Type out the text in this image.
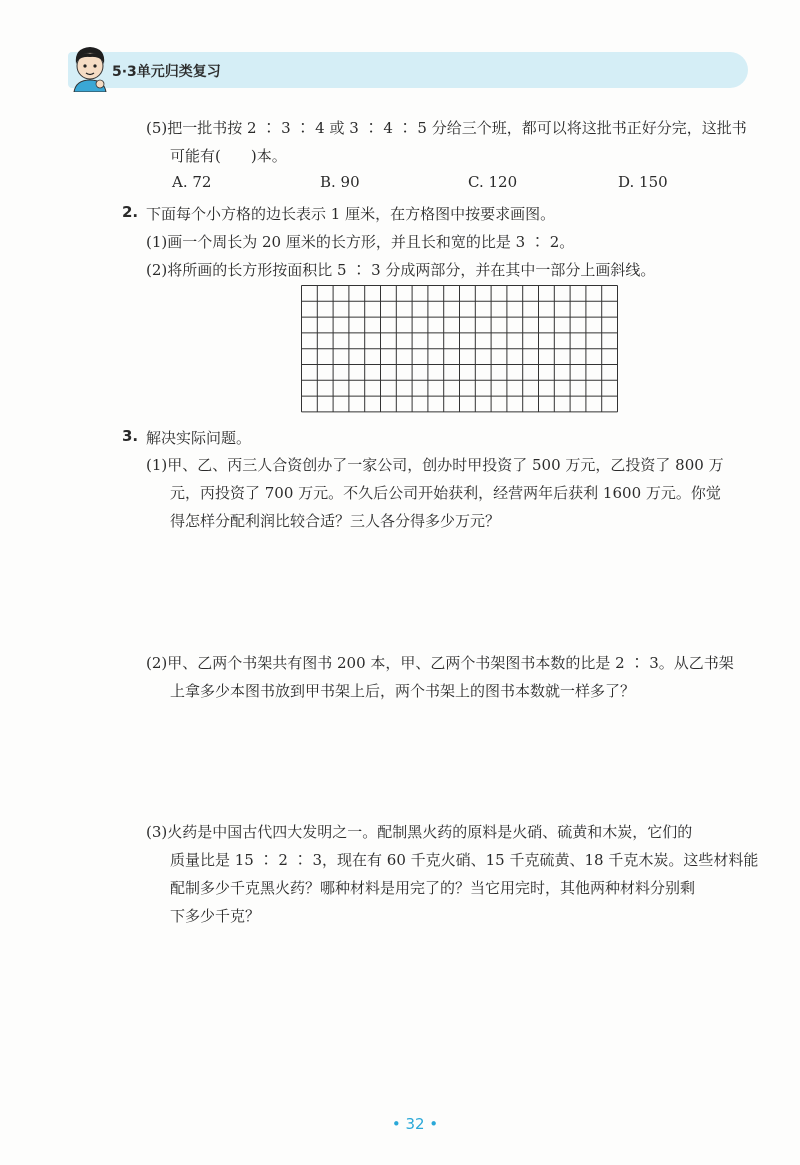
5·3单元归类复习
(5)把一批书按 2 ∶ 3 ∶ 4 或 3 ∶ 4 ∶ 5 分给三个班，都可以将这批书正好分完，这批书
可能有(　　)本。
A. 72	B. 90	C. 120	D. 150
2. 下面每个小方格的边长表示 1 厘米，在方格图中按要求画图。
(1)画一个周长为 20 厘米的长方形，并且长和宽的比是 3 ∶ 2。
(2)将所画的长方形按面积比 5 ∶ 3 分成两部分，并在其中一部分上画斜线。
3. 解决实际问题。
(1)甲、乙、丙三人合资创办了一家公司，创办时甲投资了 500 万元，乙投资了 800 万
元，丙投资了 700 万元。不久后公司开始获利，经营两年后获利 1600 万元。你觉
得怎样分配利润比较合适？三人各分得多少万元？
(2)甲、乙两个书架共有图书 200 本，甲、乙两个书架图书本数的比是 2 ∶ 3。从乙书架
上拿多少本图书放到甲书架上后，两个书架上的图书本数就一样多了？
(3)火药是中国古代四大发明之一。配制黑火药的原料是火硝、硫黄和木炭，它们的
质量比是 15 ∶ 2 ∶ 3，现在有 60 千克火硝、15 千克硫黄、18 千克木炭。这些材料能
配制多少千克黑火药？哪种材料是用完了的？当它用完时，其他两种材料分别剩
下多少千克？
• 32 •
